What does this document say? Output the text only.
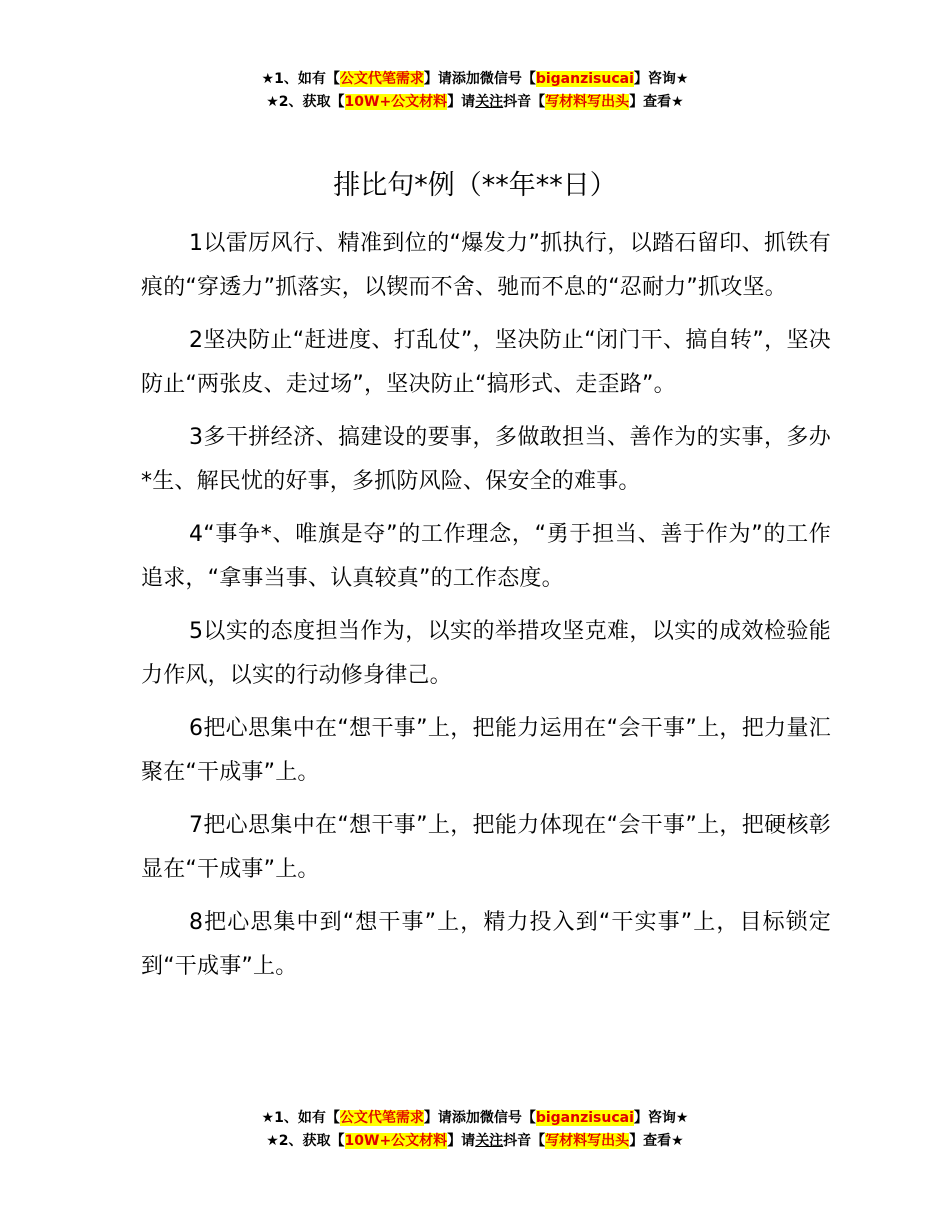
★1、如有【公文代笔需求】请添加微信号【biganzisucai】咨询★
★2、获取【10W+公文材料】请关注抖音【写材料写出头】查看★
排比句*例（**年**日）

1以雷厉风行、精准到位的“爆发力”抓执行，以踏石留印、抓铁有痕的“穿透力”抓落实，以锲而不舍、驰而不息的“忍耐力”抓攻坚。

2坚决防止“赶进度、打乱仗”，坚决防止“闭门干、搞自转”，坚决防止“两张皮、走过场”，坚决防止“搞形式、走歪路”。

3多干拼经济、搞建设的要事，多做敢担当、善作为的实事，多办*生、解民忧的好事，多抓防风险、保安全的难事。

4“事争*、唯旗是夺”的工作理念，“勇于担当、善于作为”的工作追求，“拿事当事、认真较真”的工作态度。

5以实的态度担当作为，以实的举措攻坚克难，以实的成效检验能力作风，以实的行动修身律己。

6把心思集中在“想干事”上，把能力运用在“会干事”上，把力量汇聚在“干成事”上。

7把心思集中在“想干事”上，把能力体现在“会干事”上，把硬核彰显在“干成事”上。

8把心思集中到“想干事”上，精力投入到“干实事”上，目标锁定到“干成事”上。

★1、如有【公文代笔需求】请添加微信号【biganzisucai】咨询★
★2、获取【10W+公文材料】请关注抖音【写材料写出头】查看★
